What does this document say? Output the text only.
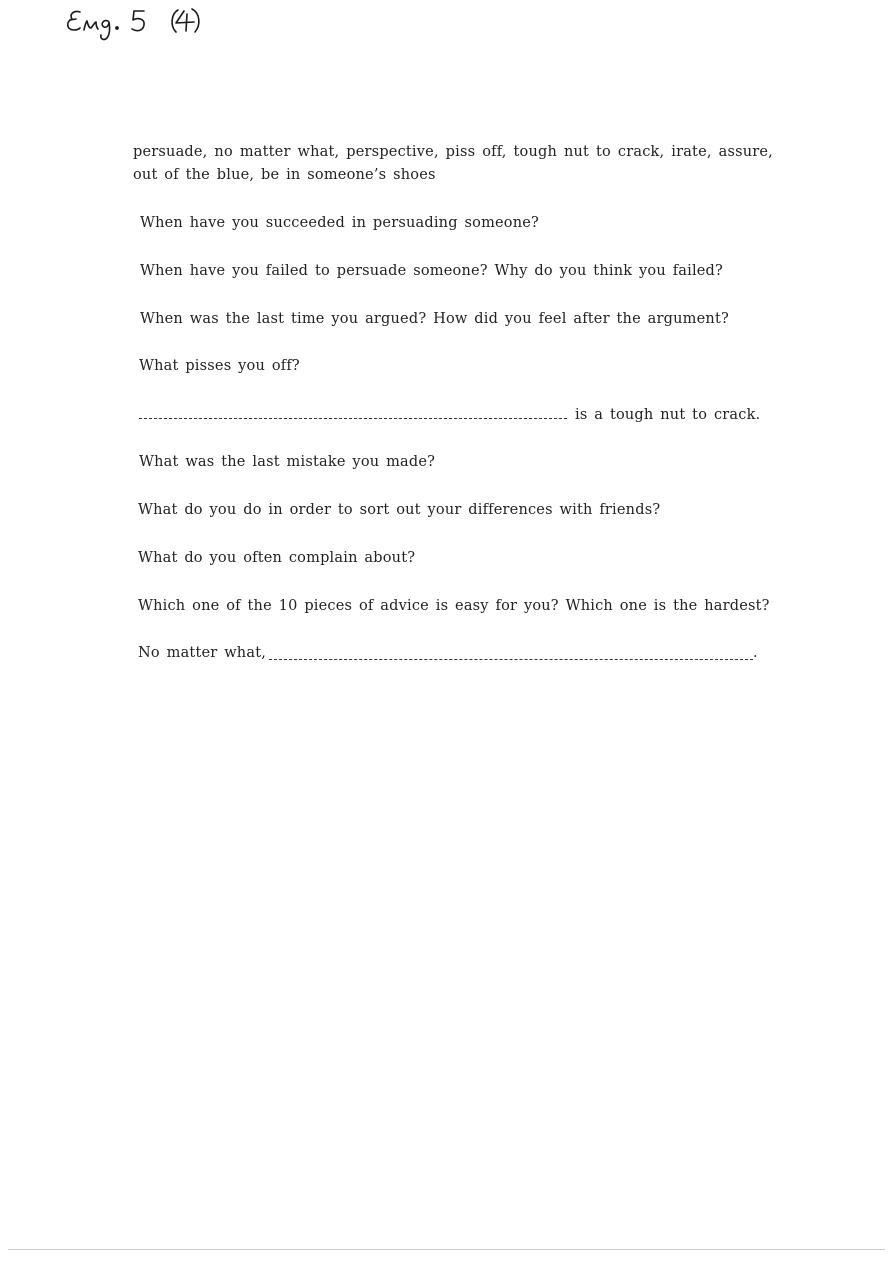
persuade, no matter what, perspective, piss off, tough nut to crack, irate, assure, out of the blue, be in someone’s shoes

When have you succeeded in persuading someone?

When have you failed to persuade someone? Why do you think you failed?

When was the last time you argued? How did you feel after the argument?

What pisses you off?

is a tough nut to crack.

What was the last mistake you made?

What do you do in order to sort out your differences with friends?

What do you often complain about?

Which one of the 10 pieces of advice is easy for you? Which one is the hardest?

No matter what,	.
